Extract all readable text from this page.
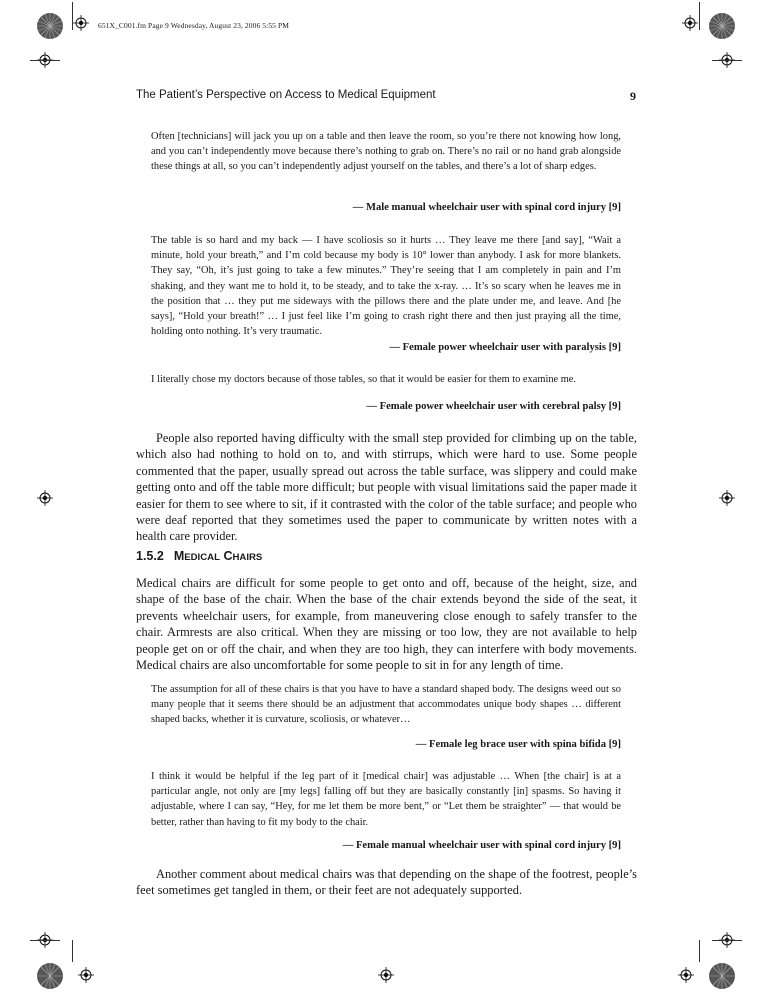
651X_C001.fm Page 9 Wednesday, August 23, 2006 5:55 PM
The Patient’s Perspective on Access to Medical Equipment	9

Often [technicians] will jack you up on a table and then leave the room, so you’re there not knowing how long, and you can’t independently move because there’s nothing to grab on. There’s no rail or no hand grab alongside these things at all, so you can’t independently adjust yourself on the tables, and there’s a lot of sharp edges.

— Male manual wheelchair user with spinal cord injury [9]

The table is so hard and my back — I have scoliosis so it hurts … They leave me there [and say], “Wait a minute, hold your breath,” and I’m cold because my body is 10° lower than anybody. I ask for more blankets. They say, “Oh, it’s just going to take a few minutes.” They’re seeing that I am completely in pain and I’m shaking, and they want me to hold it, to be steady, and to take the x-ray. … It’s so scary when he leaves me in the position that … they put me sideways with the pillows there and the plate under me, and leave. And [he says], “Hold your breath!” … I just feel like I’m going to crash right there and then just praying all the time, holding onto nothing. It’s very traumatic.

— Female power wheelchair user with paralysis [9]

I literally chose my doctors because of those tables, so that it would be easier for them to examine me.

— Female power wheelchair user with cerebral palsy [9]

People also reported having difficulty with the small step provided for climbing up on the table, which also had nothing to hold on to, and with stirrups, which were hard to use. Some people commented that the paper, usually spread out across the table surface, was slippery and could make getting onto and off the table more difficult; but people with visual limitations said the paper made it easier for them to see where to sit, if it contrasted with the color of the table surface; and people who were deaf reported that they sometimes used the paper to communicate by written notes with a health care provider.

1.5.2 MEDICAL CHAIRS

Medical chairs are difficult for some people to get onto and off, because of the height, size, and shape of the base of the chair. When the base of the chair extends beyond the side of the seat, it prevents wheelchair users, for example, from maneuvering close enough to safely transfer to the chair. Armrests are also critical. When they are missing or too low, they are not available to help people get on or off the chair, and when they are too high, they can interfere with body movements. Medical chairs are also uncomfortable for some people to sit in for any length of time.

The assumption for all of these chairs is that you have to have a standard shaped body. The designs weed out so many people that it seems there should be an adjustment that accommodates unique body shapes … different shaped backs, whether it is curvature, scoliosis, or whatever…

— Female leg brace user with spina bifida [9]

I think it would be helpful if the leg part of it [medical chair] was adjustable … When [the chair] is at a particular angle, not only are [my legs] falling off but they are basically constantly [in] spasms. So having it adjustable, where I can say, “Hey, for me let them be more bent,” or “Let them be straighter” — that would be better, rather than having to fit my body to the chair.

— Female manual wheelchair user with spinal cord injury [9]

Another comment about medical chairs was that depending on the shape of the footrest, people’s feet sometimes get tangled in them, or their feet are not adequately supported.
